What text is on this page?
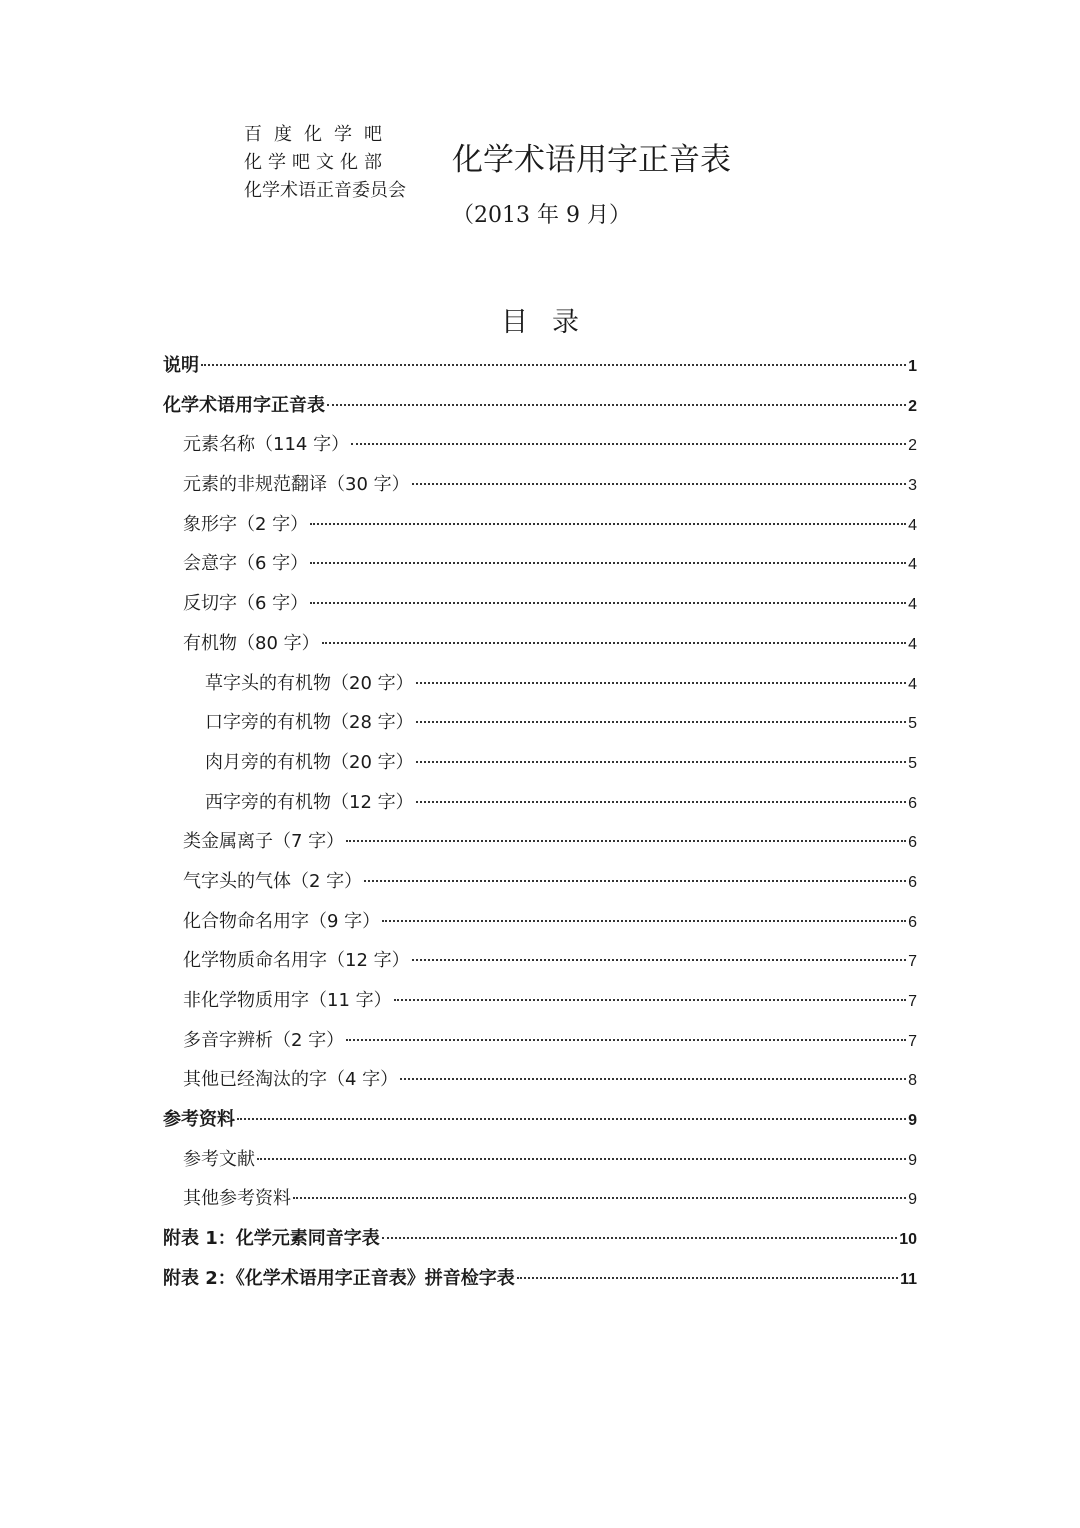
百度化学吧
化学吧文化部
化学术语正音委员会
化学术语用字正音表
（2013 年 9 月）
目录
说明	1
化学术语用字正音表	2
元素名称（114 字）	2
元素的非规范翻译（30 字）	3
象形字（2 字）	4
会意字（6 字）	4
反切字（6 字）	4
有机物（80 字）	4
草字头的有机物（20 字）	4
口字旁的有机物（28 字）	5
肉月旁的有机物（20 字）	5
西字旁的有机物（12 字）	6
类金属离子（7 字）	6
气字头的气体（2 字）	6
化合物命名用字（9 字）	6
化学物质命名用字（12 字）	7
非化学物质用字（11 字）	7
多音字辨析（2 字）	7
其他已经淘汰的字（4 字）	8
参考资料	9
参考文献	9
其他参考资料	9
附表 1：化学元素同音字表	10
附表 2：《化学术语用字正音表》拼音检字表	11
